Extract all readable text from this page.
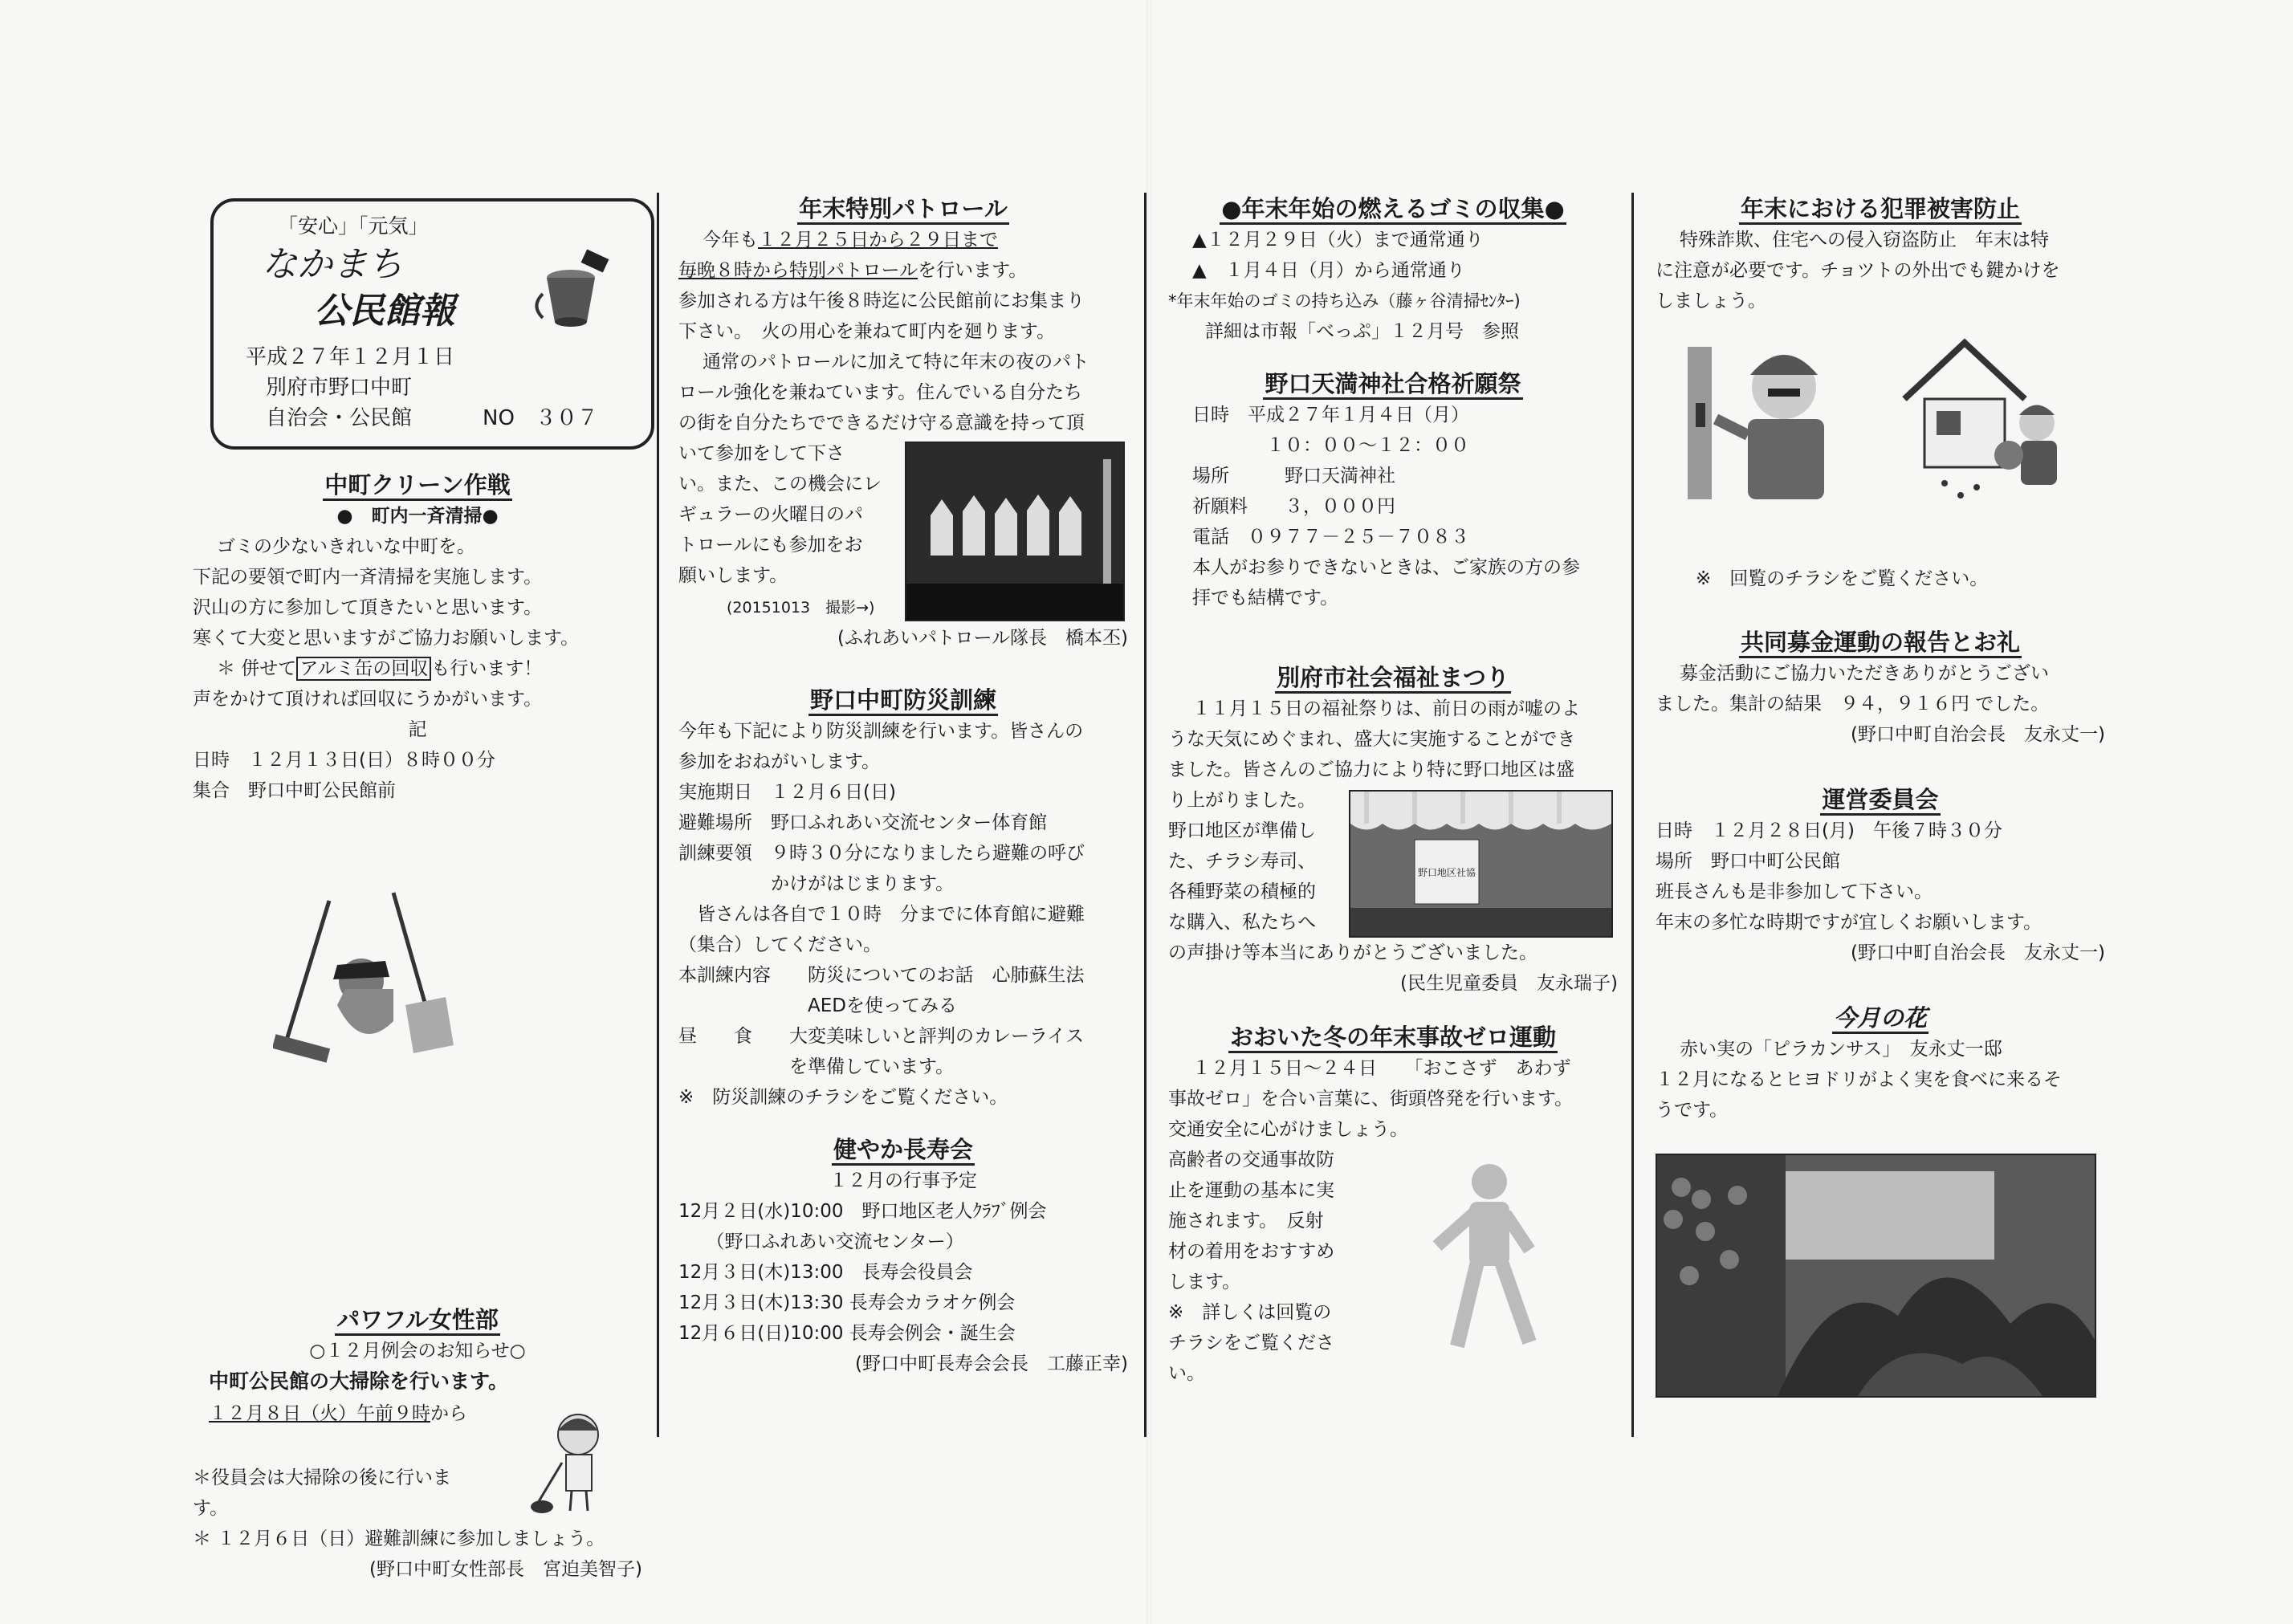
「安心」「元気」
なかまち
公民館報
平成２７年１２月１日
別府市野口中町
自治会・公民館	NO　３０７
中町クリーン作戦
●　町内一斉清掃●
ゴミの少ないきれいな中町を。
下記の要領で町内一斉清掃を実施します。
沢山の方に参加して頂きたいと思います。
寒くて大変と思いますがご協力お願いします。
＊ 併せて アルミ缶の回収 も行います！
声をかけて頂ければ回収にうかがいます。
記
日時　１２月１３日(日）８時００分
集合　野口中町公民館前
パワフル女性部
○１２月例会のお知らせ○
中町公民館の大掃除を行います。
１２月８日（火）午前９時から
＊役員会は大掃除の後に行いま
す。
＊ １２月６日（日）避難訓練に参加しましょう。
(野口中町女性部長　宮迫美智子)
年末特別パトロール
今年も１２月２５日から２９日まで
毎晩８時から特別パトロールを行います。
参加される方は午後８時迄に公民館前にお集まり
下さい。　火の用心を兼ねて町内を廻ります。
通常のパトロールに加えて特に年末の夜のパト
ロール強化を兼ねています。住んでいる自分たち
の街を自分たちでできるだけ守る意識を持って頂
いて参加をして下さ
い。また、この機会にレ
ギュラーの火曜日のパ
トロールにも参加をお
願いします。
(20151013　撮影→)
(ふれあいパトロール隊長　橋本丕)
野口中町防災訓練
今年も下記により防災訓練を行います。皆さんの
参加をおねがいします。
実施期日　１２月６日(日)
避難場所　野口ふれあい交流センター体育館
訓練要領　９時３０分になりましたら避難の呼び
　　　　　かけがはじまります。
　皆さんは各自で１０時　分までに体育館に避難
（集合）してください。
本訓練内容　　防災についてのお話　心肺蘇生法
　　　　　　　AEDを使ってみる
昼　　食　　大変美味しいと評判のカレーライス
　　　　　　を準備しています。
※　防災訓練のチラシをご覧ください。
健やか長寿会
１２月の行事予定
12月２日(水)10:00　野口地区老人ｸﾗﾌﾞ例会
　　（野口ふれあい交流センター）
12月３日(木)13:00　長寿会役員会
12月３日(木)13:30 長寿会カラオケ例会
12月６日(日)10:00 長寿会例会・誕生会
(野口中町長寿会会長　工藤正幸)
●年末年始の燃えるゴミの収集●
▲１２月２９日（火）まで通常通り
▲　１月４日（月）から通常通り
*年末年始のゴミの持ち込み（藤ヶ谷清掃ｾﾝﾀｰ)
　　詳細は市報「べっぷ」１２月号　参照
野口天満神社合格祈願祭
日時　平成２７年１月４日（月）
　　　　１０：００～１２：００
場所　　　野口天満神社
祈願料　　３，０００円
電話　０９７７－２５－７０８３
本人がお参りできないときは、ご家族の方の参
拝でも結構です。
別府市社会福祉まつり
１１月１５日の福祉祭りは、前日の雨が嘘のよ
うな天気にめぐまれ、盛大に実施することができ
ました。皆さんのご協力により特に野口地区は盛
り上がりました。
野口地区が準備し
た、チラシ寿司、
各種野菜の積極的
な購入、私たちへ
の声掛け等本当にありがとうございました。
(民生児童委員　友永瑞子)
野口地区社協
おおいた冬の年末事故ゼロ運動
１２月１５日～２４日　　「おこさず　あわず
事故ゼロ」を合い言葉に、街頭啓発を行います。
交通安全に心がけましょう。
高齢者の交通事故防
止を運動の基本に実
施されます。　反射
材の着用をおすすめ
します。
※　詳しくは回覧の
チラシをご覧くださ
い。
年末における犯罪被害防止
特殊詐欺、住宅への侵入窃盗防止　年末は特
に注意が必要です。チョツトの外出でも鍵かけを
しましょう。
※　回覧のチラシをご覧ください。
共同募金運動の報告とお礼
募金活動にご協力いただきありがとうござい
ました。集計の結果　９４，９１６円 でした。
(野口中町自治会長　友永丈一)
運営委員会
日時　１２月２８日(月)　午後７時３０分
場所　野口中町公民館
班長さんも是非参加して下さい。
年末の多忙な時期ですが宜しくお願いします。
(野口中町自治会長　友永丈一)
今月の花
赤い実の「ピラカンサス」　友永丈一邸
１２月になるとヒヨドリがよく実を食べに来るそ
うです。
